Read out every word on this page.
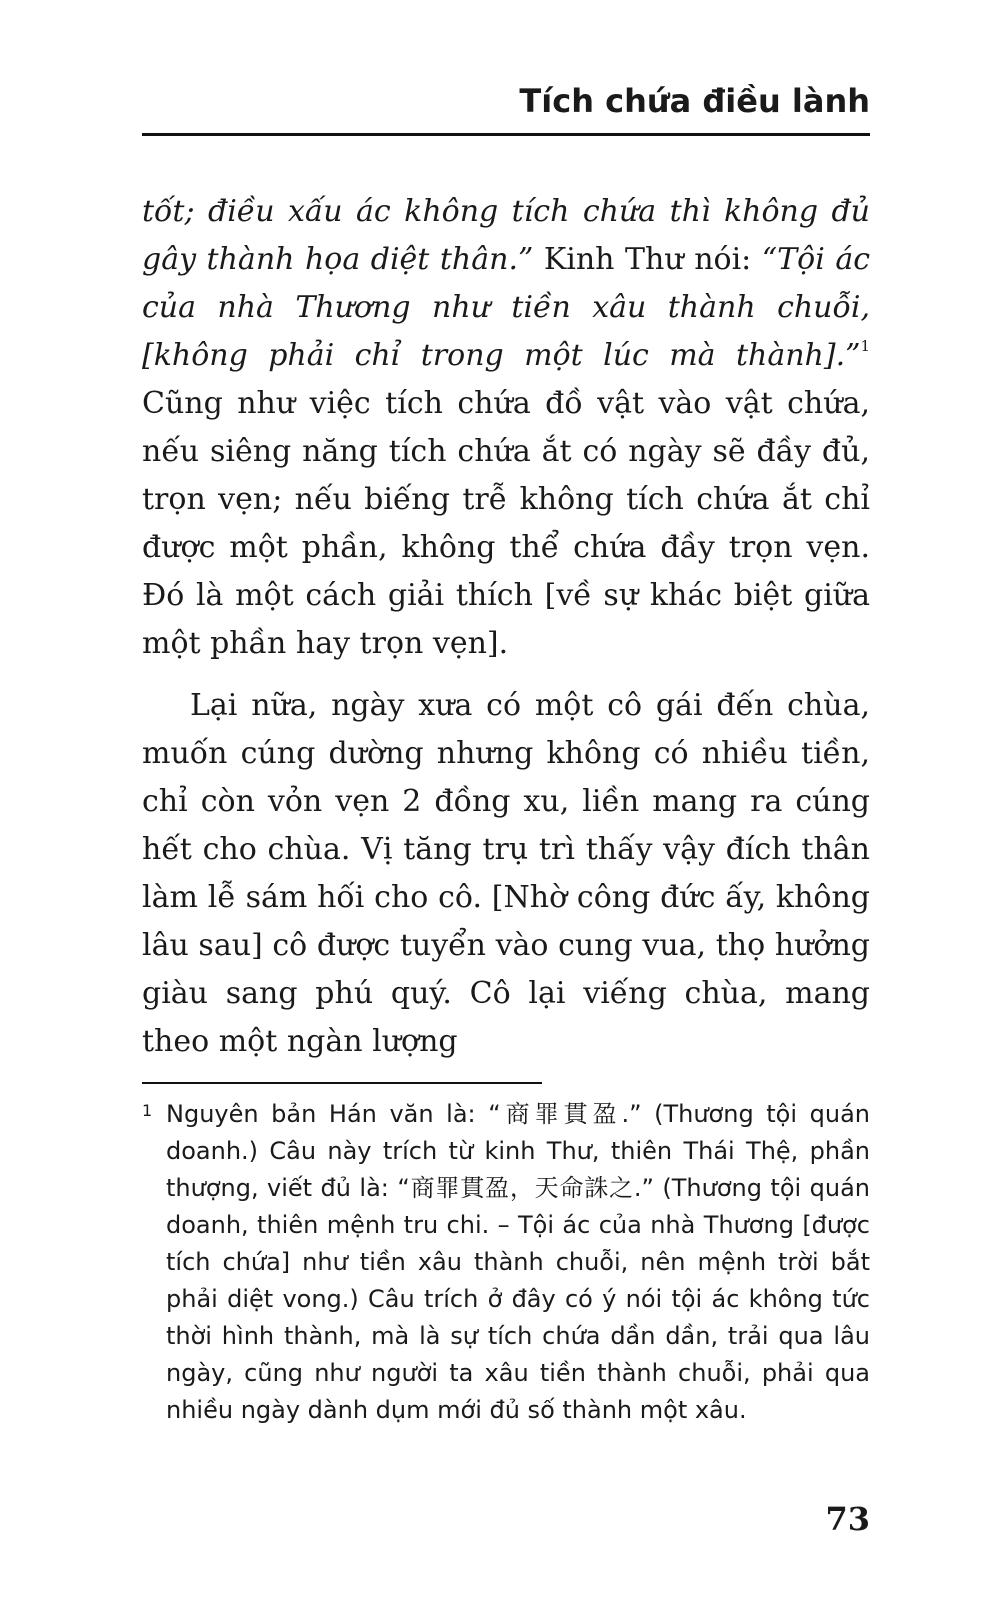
Tích chứa điều lành

tốt; điều xấu ác không tích chứa thì không đủ gây thành họa diệt thân.” Kinh Thư nói: “Tội ác của nhà Thương như tiền xâu thành chuỗi, [không phải chỉ trong một lúc mà thành].”$^1$ Cũng như việc tích chứa đồ vật vào vật chứa, nếu siêng năng tích chứa ắt có ngày sẽ đầy đủ, trọn vẹn; nếu biếng trễ không tích chứa ắt chỉ được một phần, không thể chứa đầy trọn vẹn. Đó là một cách giải thích [về sự khác biệt giữa một phần hay trọn vẹn].

Lại nữa, ngày xưa có một cô gái đến chùa, muốn cúng dường nhưng không có nhiều tiền, chỉ còn vỏn vẹn 2 đồng xu, liền mang ra cúng hết cho chùa. Vị tăng trụ trì thấy vậy đích thân làm lễ sám hối cho cô. [Nhờ công đức ấy, không lâu sau] cô được tuyển vào cung vua, thọ hưởng giàu sang phú quý. Cô lại viếng chùa, mang theo một ngàn lượng

1 Nguyên bản Hán văn là: “商罪貫盈.” (Thương tội quán doanh.) Câu này trích từ kinh Thư, thiên Thái Thệ, phần thượng, viết đủ là: “商罪貫盈，天命誅之.” (Thương tội quán doanh, thiên mệnh tru chi. – Tội ác của nhà Thương [được tích chứa] như tiền xâu thành chuỗi, nên mệnh trời bắt phải diệt vong.) Câu trích ở đây có ý nói tội ác không tức thời hình thành, mà là sự tích chứa dần dần, trải qua lâu ngày, cũng như người ta xâu tiền thành chuỗi, phải qua nhiều ngày dành dụm mới đủ số thành một xâu.
73
